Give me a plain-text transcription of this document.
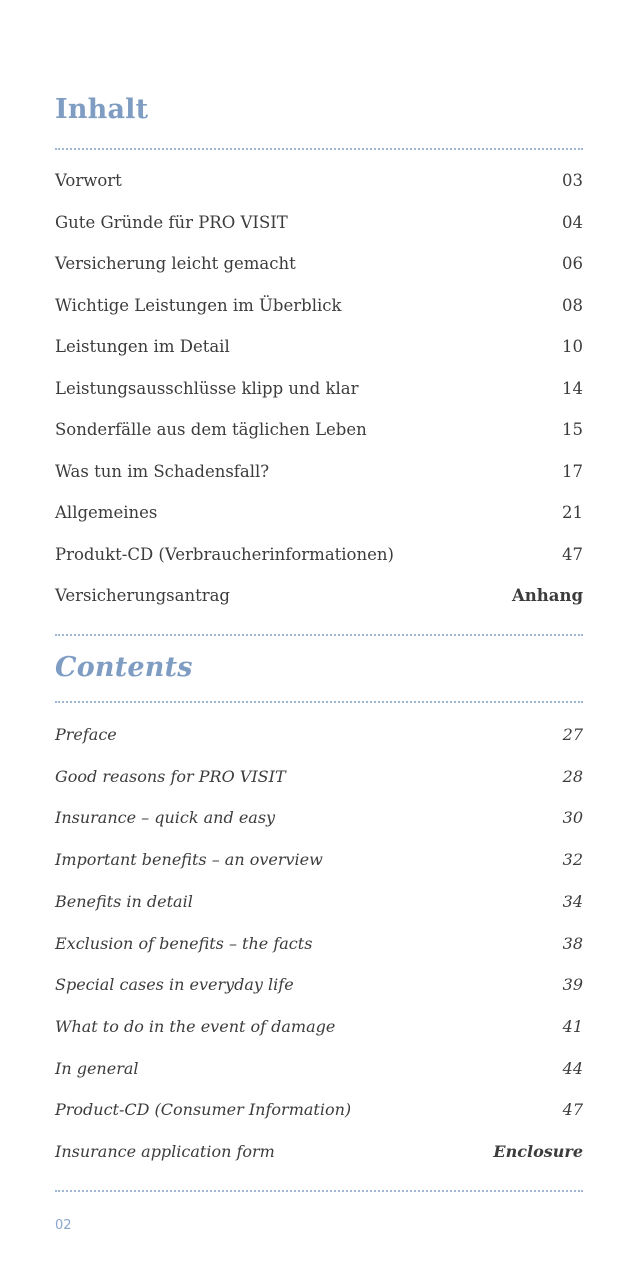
Inhalt
Vorwort	03
Gute Gründe für PRO VISIT	04
Versicherung leicht gemacht	06
Wichtige Leistungen im Überblick	08
Leistungen im Detail	10
Leistungsausschlüsse klipp und klar	14
Sonderfälle aus dem täglichen Leben	15
Was tun im Schadensfall?	17
Allgemeines	21
Produkt-CD (Verbraucherinformationen)	47
Versicherungsantrag	Anhang
Contents
Preface	27
Good reasons for PRO VISIT	28
Insurance – quick and easy	30
Important benefits – an overview	32
Benefits in detail	34
Exclusion of benefits – the facts	38
Special cases in everyday life	39
What to do in the event of damage	41
In general	44
Product-CD (Consumer Information)	47
Insurance application form	Enclosure
02
